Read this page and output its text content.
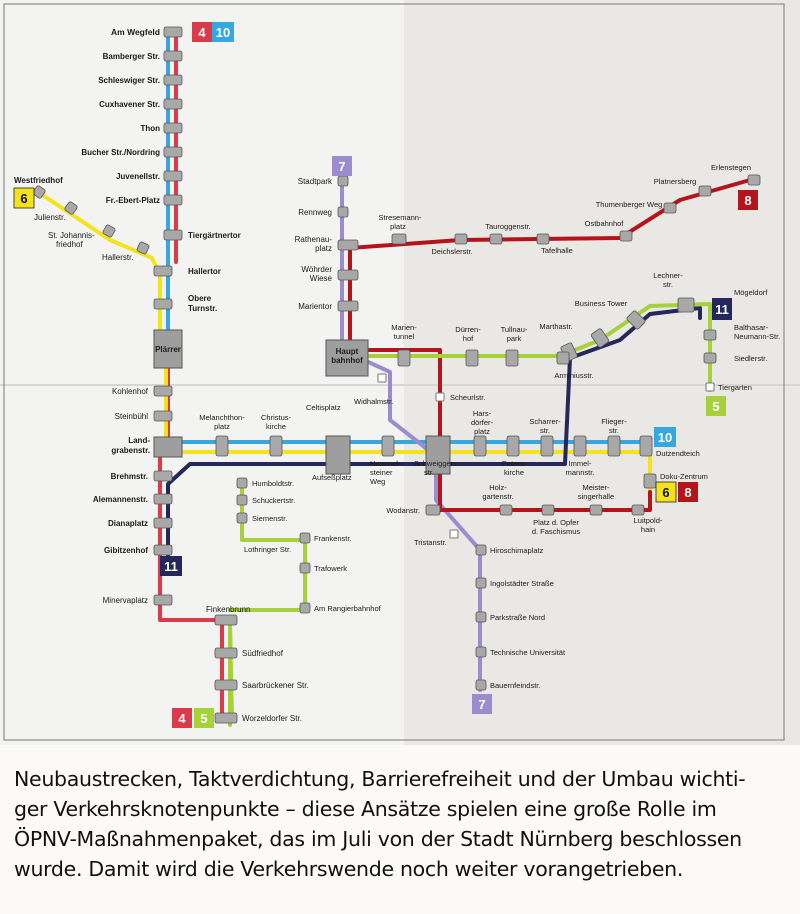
Am Wegfeld
Bamberger Str.
Schleswiger Str.
Cuxhavener Str.
Thon
Bucher Str./Nordring
Juvenellstr.
Fr.-Ebert-Platz
Tiergärtnertor
Hallertor
Obere Turnstr.
Plärrer
Kohlenhof
Steinbühl
Land-grabenstr.
Brehmstr.
Alemannenstr.
Dianaplatz
Gibitzenhof
Minervaplatz
Finkenbrunn
Südfriedhof
Saarbrückener Str.
Worzeldorfer Str.
Westfriedhof
Julienstr.
St. Johannis-friedhof
Hallerstr.
Stadtpark
Rennweg
Rathenau-platz
Wöhrder Wiese
Marientor
Haupt bahnhof
Stresemann-platz
Deichslerstr.
Tauroggenstr.
Tafelhalle
Ostbahnhof
Thumenberger Weg
Platnersberg
Erlenstegen
Marien-tunnel
Dürren-hof
Tullnau-park
Marthastr.
Arminiusstr.
Business Tower
Lechner-str.
Mögeldorf
Balthasar-Neumann-Str.
Siedlerstr.
Tiergarten
Melanchthon-platz
Christus-kirche
Celtisplatz
Widhalmstr.	Scheurlstr.
Aufseßplatz
Hummel-steiner Weg
Schweigger-str.
Hars-dörfer-platz
Peters-kirche
Scharrer-str.
Immel-mannstr.
Flieger-str.
Dutzendteich
Doku-Zentrum
Humboldtstr.
Schuckertstr.
Siemenstr.
Lothringer Str.
Frankenstr.
Trafowerk
Am Rangierbahnhof
Wodanstr.
Holz-gartenstr.
Platz d. Opfer d. Faschismus
Meister-singerhalle
Luitpold-hain
Tristanstr.
Hiroschimaplatz
Ingolstädter Straße
Parkstraße Nord
Technische Universität
Bauernfeindstr.
4 10
7
6	8
11
5
10
6 8
11
4 5
7
Neubaustrecken, Taktverdichtung, Barrierefreiheit und der Umbau wichti-
ger Verkehrsknotenpunkte – diese Ansätze spielen eine große Rolle im
ÖPNV-Maßnahmenpaket, das im Juli von der Stadt Nürnberg beschlossen
wurde. Damit wird die Verkehrswende noch weiter vorangetrieben.
